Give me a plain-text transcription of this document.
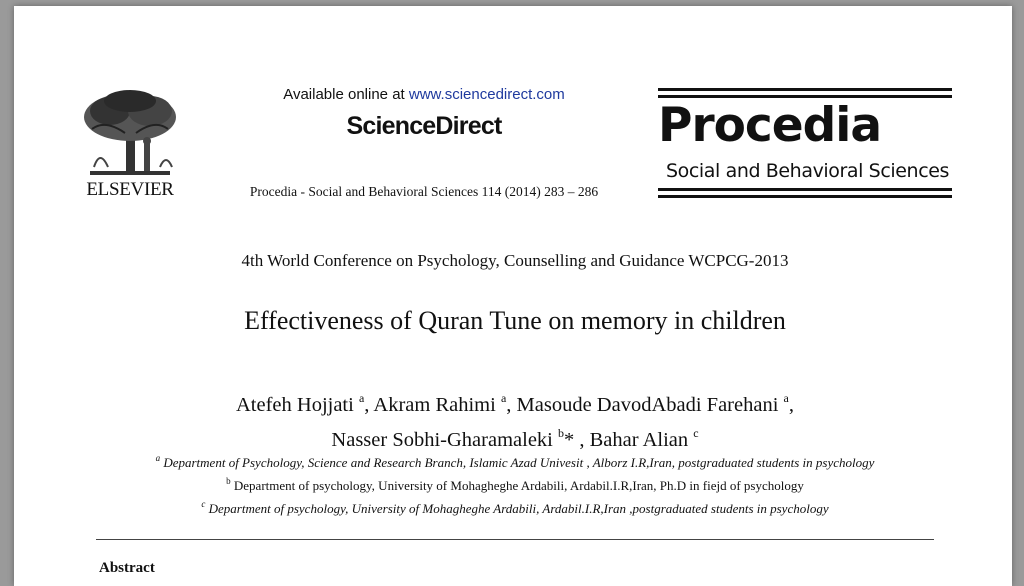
ELSEVIER
Available online at www.sciencedirect.com
ScienceDirect
Procedia - Social and Behavioral Sciences 114 (2014) 283 – 286
Procedia
Social and Behavioral Sciences
4th World Conference on Psychology, Counselling and Guidance WCPCG-2013
Effectiveness of Quran Tune on memory in children
Atefeh Hojjati $^a$, Akram Rahimi $^a$, Masoude DavodAbadi Farehani $^a$,
Nasser Sobhi-Gharamaleki $^b$* , Bahar Alian $^c$
$^a$ Department of Psychology, Science and Research Branch, Islamic Azad Univesit , Alborz I.R,Iran, postgraduated students in psychology
$^b$ Department of psychology, University of Mohagheghe Ardabili, Ardabil.I.R,Iran, Ph.D in fiejd of psychology
$^c$ Department of psychology, University of Mohagheghe Ardabili, Ardabil.I.R,Iran ,postgraduated students in psychology
Abstract
